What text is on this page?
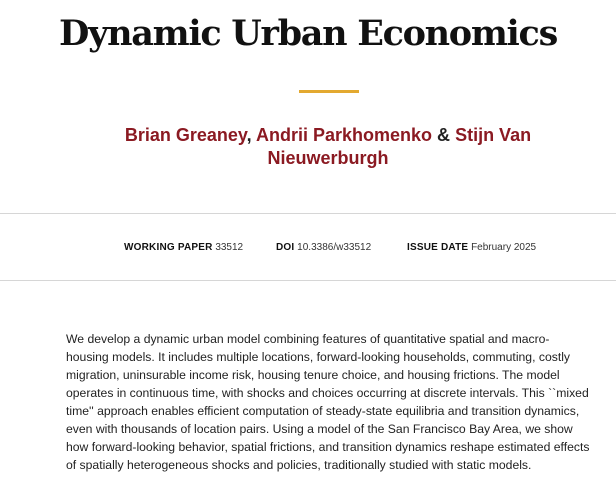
Dynamic Urban Economics
Brian Greaney, Andrii Parkhomenko & Stijn Van Nieuwerburgh
WORKING PAPER 33512	DOI 10.3386/w33512	ISSUE DATE February 2025

We develop a dynamic urban model combining features of quantitative spatial and macro-housing models. It includes multiple locations, forward-looking households, commuting, costly migration, uninsurable income risk, housing tenure choice, and housing frictions. The model operates in continuous time, with shocks and choices occurring at discrete intervals. This ``mixed time'' approach enables efficient computation of steady-state equilibria and transition dynamics, even with thousands of location pairs. Using a model of the San Francisco Bay Area, we show how forward-looking behavior, spatial frictions, and transition dynamics reshape estimated effects of spatially heterogeneous shocks and policies, traditionally studied with static models.
